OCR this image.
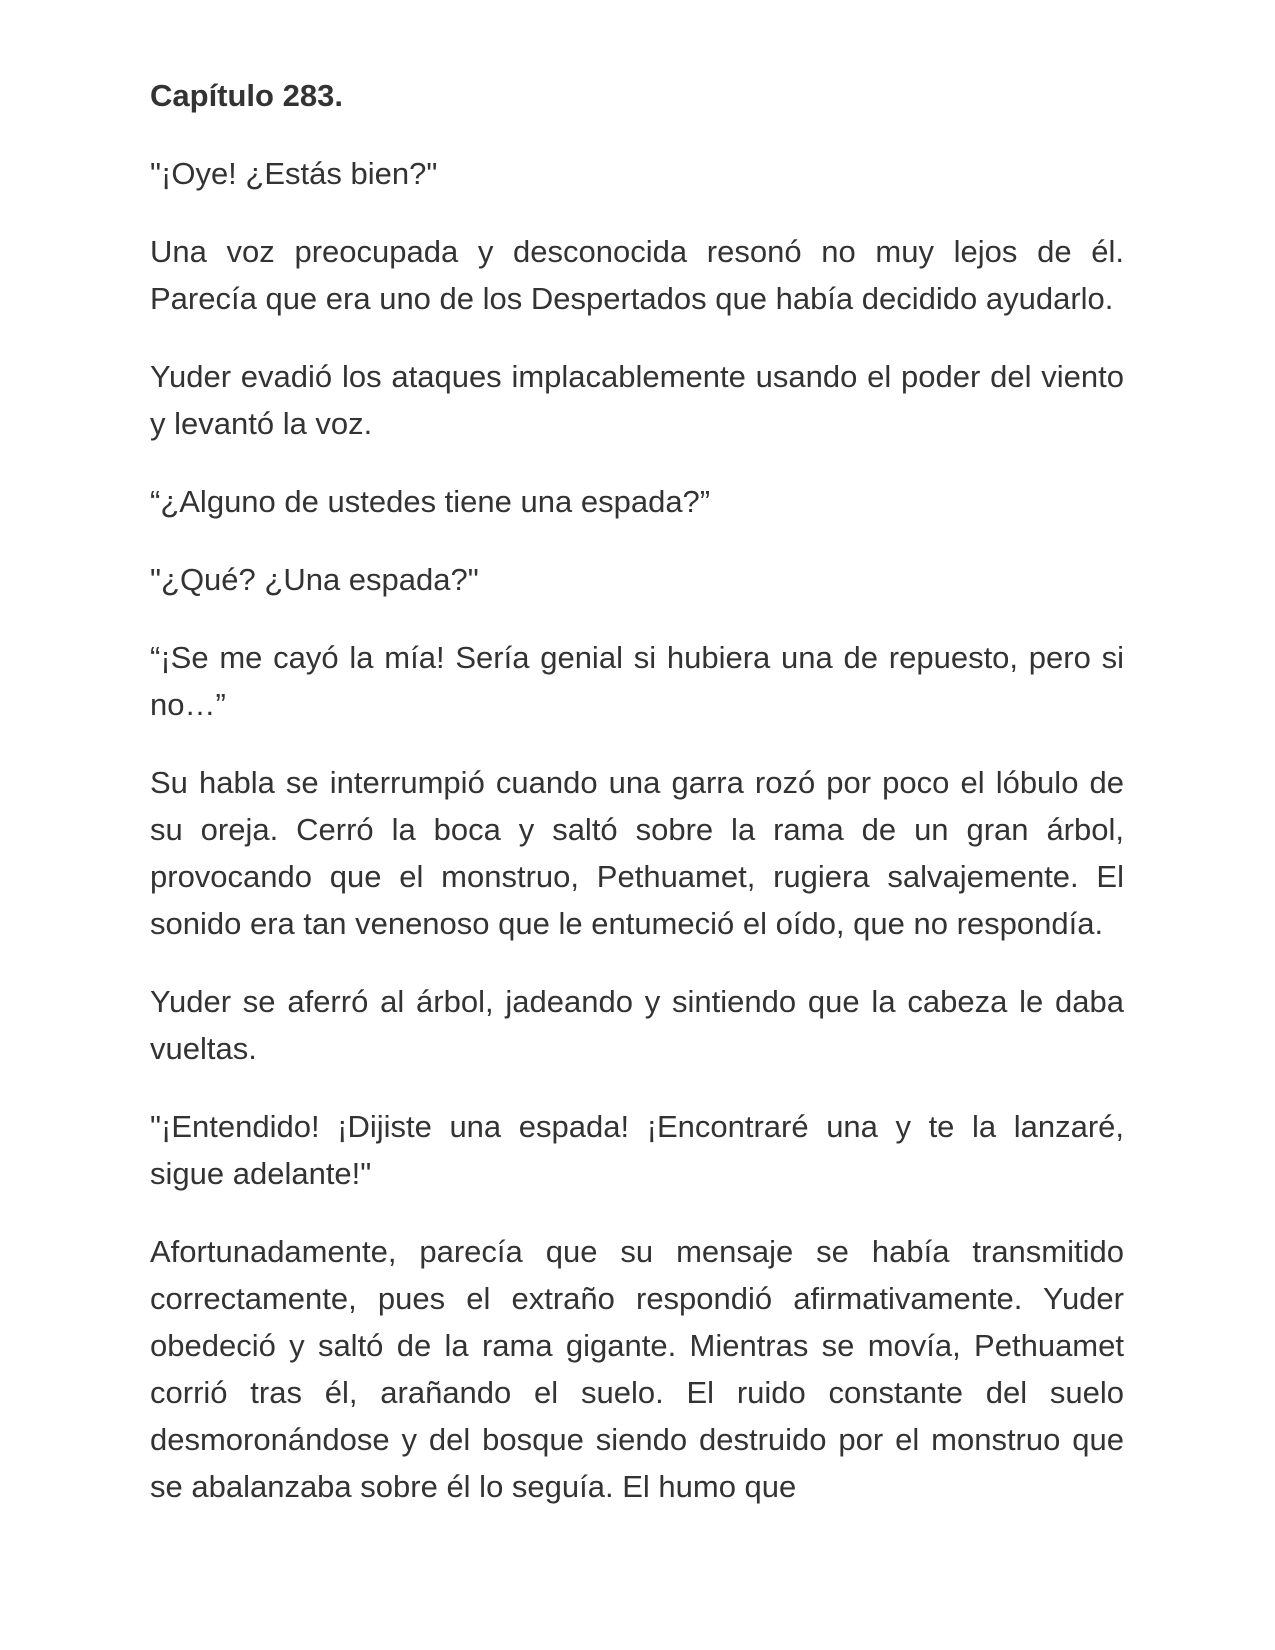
Capítulo 283.

"¡Oye! ¿Estás bien?"

Una voz preocupada y desconocida resonó no muy lejos de él. Parecía que era uno de los Despertados que había decidido ayudarlo.

Yuder evadió los ataques implacablemente usando el poder del viento y levantó la voz.

“¿Alguno de ustedes tiene una espada?”

"¿Qué? ¿Una espada?"

“¡Se me cayó la mía! Sería genial si hubiera una de repuesto, pero si no…”

Su habla se interrumpió cuando una garra rozó por poco el lóbulo de su oreja. Cerró la boca y saltó sobre la rama de un gran árbol, provocando que el monstruo, Pethuamet, rugiera salvajemente. El sonido era tan venenoso que le entumeció el oído, que no respondía.

Yuder se aferró al árbol, jadeando y sintiendo que la cabeza le daba vueltas.

"¡Entendido! ¡Dijiste una espada! ¡Encontraré una y te la lanzaré, sigue adelante!"

Afortunadamente, parecía que su mensaje se había transmitido correctamente, pues el extraño respondió afirmativamente. Yuder obedeció y saltó de la rama gigante. Mientras se movía, Pethuamet corrió tras él, arañando el suelo. El ruido constante del suelo desmoronándose y del bosque siendo destruido por el monstruo que se abalanzaba sobre él lo seguía. El humo que
